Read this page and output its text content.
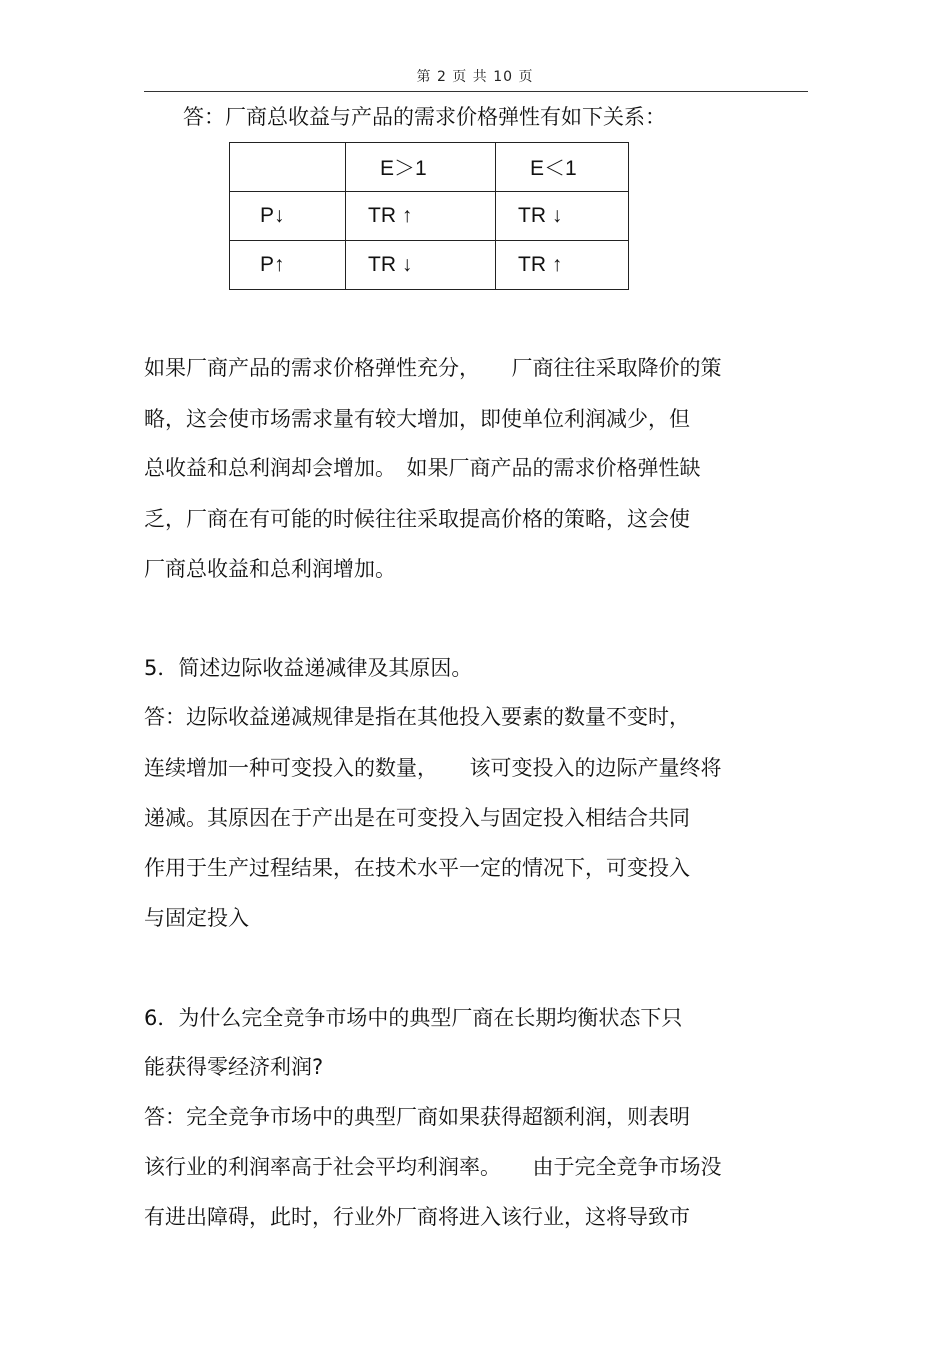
第 2 页 共 10 页
答：厂商总收益与产品的需求价格弹性有如下关系：
	E＞1	E＜1
P↓	TR ↑	TR ↓
P↑	TR ↓	TR ↑
如果厂商产品的需求价格弹性充分，　　厂商往往采取降价的策
略，这会使市场需求量有较大增加，即使单位利润减少，但
总收益和总利润却会增加。　如果厂商产品的需求价格弹性缺
乏，厂商在有可能的时候往往采取提高价格的策略，这会使
厂商总收益和总利润增加。
5．简述边际收益递减律及其原因。
答：边际收益递减规律是指在其他投入要素的数量不变时，
连续增加一种可变投入的数量，　　该可变投入的边际产量终将
递减。其原因在于产出是在可变投入与固定投入相结合共同
作用于生产过程结果，在技术水平一定的情况下，可变投入
与固定投入
6．为什么完全竞争市场中的典型厂商在长期均衡状态下只
能获得零经济利润?
答：完全竞争市场中的典型厂商如果获得超额利润，则表明
该行业的利润率高于社会平均利润率。　　由于完全竞争市场没
有进出障碍，此时，行业外厂商将进入该行业，这将导致市
